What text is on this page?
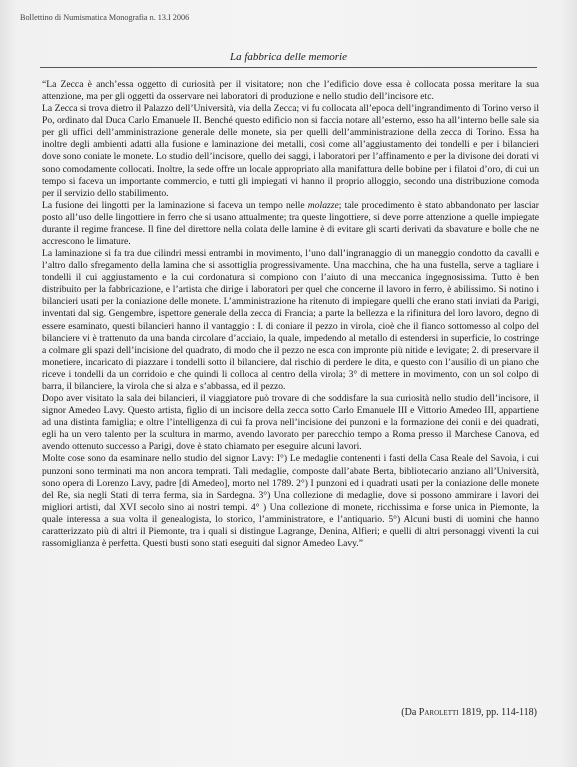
Bollettino di Numismatica Monografia n. 13.I 2006
La fabbrica delle memorie

“La Zecca è anch’essa oggetto di curiosità per il visitatore; non che l’edificio dove essa è collocata possa meritare la sua attenzione, ma per gli oggetti da osservare nei laboratori di produzione e nello studio dell’incisore etc.

La Zecca si trova dietro il Palazzo dell’Università, via della Zecca; vi fu collocata all’epoca dell’ingrandimento di Torino verso il Po, ordinato dal Duca Carlo Emanuele II. Benché questo edificio non si faccia notare all’esterno, esso ha all’interno belle sale sia per gli uffici dell’amministrazione generale delle monete, sia per quelli dell’amministrazione della zecca di Torino. Essa ha inoltre degli ambienti adatti alla fusione e laminazione dei metalli, così come all’aggiustamento dei tondelli e per i bilancieri dove sono coniate le monete. Lo studio dell’incisore, quello dei saggi, i laboratori per l’affinamento e per la divisone dei dorati vi sono comodamente collocati. Inoltre, la sede offre un locale appropriato alla manifattura delle bobine per i filatoi d’oro, di cui un tempo si faceva un importante commercio, e tutti gli impiegati vi hanno il proprio alloggio, secondo una distribuzione comoda per il servizio dello stabilimento.

La fusione dei lingotti per la laminazione si faceva un tempo nelle molazze; tale procedimento è stato abbandonato per lasciar posto all’uso delle lingottiere in ferro che si usano attualmente; tra queste lingottiere, si deve porre attenzione a quelle impiegate durante il regime francese. Il fine del direttore nella colata delle lamine è di evitare gli scarti derivati da sbavature e bolle che ne accrescono le limature.

La laminazione si fa tra due cilindri messi entrambi in movimento, l’uno dall’ingranaggio di un maneggio condotto da cavalli e l’altro dallo sfregamento della lamina che si assottiglia progressivamente. Una macchina, che ha una fustella, serve a tagliare i tondelli il cui aggiustamento e la cui cordonatura si compiono con l’aiuto di una meccanica ingegnosissima. Tutto è ben distribuito per la fabbricazione, e l’artista che dirige i laboratori per quel che concerne il lavoro in ferro, è abilissimo. Si notino i bilancieri usati per la coniazione delle monete. L’amministrazione ha ritenuto di impiegare quelli che erano stati inviati da Parigi, inventati dal sig. Gengembre, ispettore generale della zecca di Francia; a parte la bellezza e la rifinitura del loro lavoro, degno di essere esaminato, questi bilancieri hanno il vantaggio : I. di coniare il pezzo in virola, cioè che il fianco sottomesso al colpo del bilanciere vi è trattenuto da una banda circolare d’acciaio, la quale, impedendo al metallo di estendersi in superficie, lo costringe a colmare gli spazi dell’incisione del quadrato, di modo che il pezzo ne esca con impronte più nitide e levigate; 2. di preservare il monetiere, incaricato di piazzare i tondelli sotto il bilanciere, dal rischio di perdere le dita, e questo con l’ausilio di un piano che riceve i tondelli da un corridoio e che quindi li colloca al centro della virola; 3° di mettere in movimento, con un sol colpo di barra, il bilanciere, la virola che si alza e s’abbassa, ed il pezzo.

Dopo aver visitato la sala dei bilancieri, il viaggiatore può trovare di che soddisfare la sua curiosità nello studio dell’incisore, il signor Amedeo Lavy. Questo artista, figlio di un incisore della zecca sotto Carlo Emanuele III e Vittorio Amedeo III, appartiene ad una distinta famiglia; e oltre l’intelligenza di cui fa prova nell’incisione dei punzoni e la formazione dei conii e dei quadrati, egli ha un vero talento per la scultura in marmo, avendo lavorato per parecchio tempo a Roma presso il Marchese Canova, ed avendo ottenuto successo a Parigi, dove è stato chiamato per eseguire alcuni lavori.

Molte cose sono da esaminare nello studio del signor Lavy: I°) Le medaglie contenenti i fasti della Casa Reale del Savoia, i cui punzoni sono terminati ma non ancora temprati. Tali medaglie, composte dall’abate Berta, bibliotecario anziano all’Università, sono opera di Lorenzo Lavy, padre [di Amedeo], morto nel 1789. 2°) I punzoni ed i quadrati usati per la coniazione delle monete del Re, sia negli Stati di terra ferma, sia in Sardegna. 3°) Una collezione di medaglie, dove si possono ammirare i lavori dei migliori artisti, dal XVI secolo sino ai nostri tempi. 4° ) Una collezione di monete, ricchissima e forse unica in Piemonte, la quale interessa a sua volta il genealogista, lo storico, l’amministratore, e l’antiquario. 5°) Alcuni busti di uomini che hanno caratterizzato più di altri il Piemonte, tra i quali si distingue Lagrange, Denina, Alfieri; e quelli di altri personaggi viventi la cui rassomiglianza è perfetta. Questi busti sono stati eseguiti dal signor Amedeo Lavy.”

(Da Paroletti 1819, pp. 114-118)
